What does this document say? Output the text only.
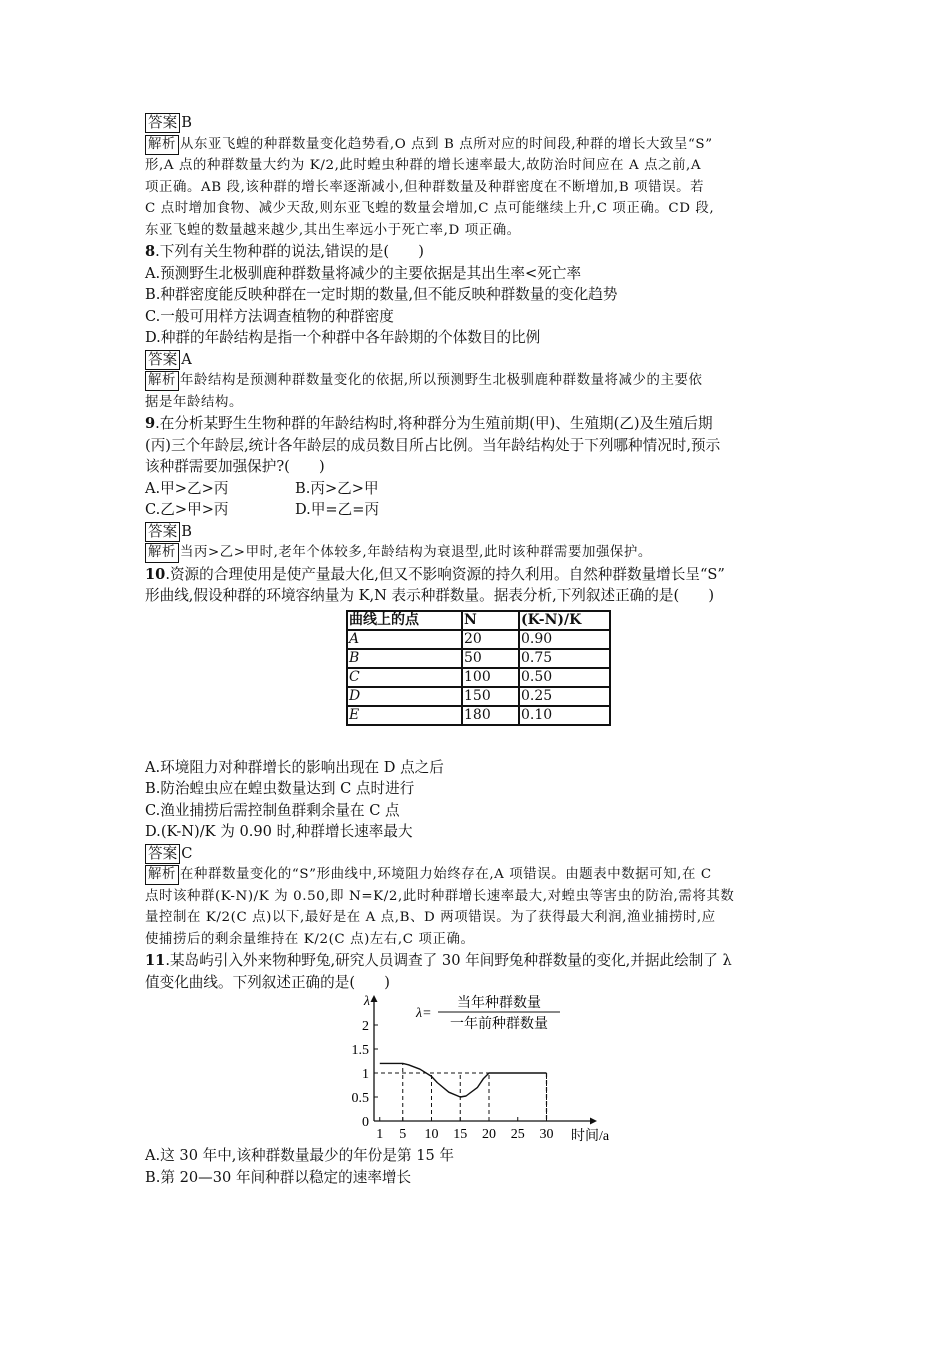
答案 B
解析 从东亚飞蝗的种群数量变化趋势看,O 点到 B 点所对应的时间段,种群的增长大致呈“S”
形,A 点的种群数量大约为 K/2,此时蝗虫种群的增长速率最大,故防治时间应在 A 点之前,A
项正确。AB 段,该种群的增长率逐渐减小,但种群数量及种群密度在不断增加,B 项错误。若
C 点时增加食物、减少天敌,则东亚飞蝗的数量会增加,C 点可能继续上升,C 项正确。CD 段,
东亚飞蝗的数量越来越少,其出生率远小于死亡率,D 项正确。
8.下列有关生物种群的说法,错误的是(　　)
A.预测野生北极驯鹿种群数量将减少的主要依据是其出生率<死亡率
B.种群密度能反映种群在一定时期的数量,但不能反映种群数量的变化趋势
C.一般可用样方法调查植物的种群密度
D.种群的年龄结构是指一个种群中各年龄期的个体数目的比例
答案 A
解析 年龄结构是预测种群数量变化的依据,所以预测野生北极驯鹿种群数量将减少的主要依
据是年龄结构。
9.在分析某野生生物种群的年龄结构时,将种群分为生殖前期(甲)、生殖期(乙)及生殖后期
(丙)三个年龄层,统计各年龄层的成员数目所占比例。当年龄结构处于下列哪种情况时,预示
该种群需要加强保护?(　　)
A.甲>乙>丙	B.丙>乙>甲
C.乙>甲>丙	D.甲=乙=丙
答案 B
解析 当丙>乙>甲时,老年个体较多,年龄结构为衰退型,此时该种群需要加强保护。
10.资源的合理使用是使产量最大化,但又不影响资源的持久利用。自然种群数量增长呈“S”
形曲线,假设种群的环境容纳量为 K,N 表示种群数量。据表分析,下列叙述正确的是(　　)
曲线上的点	N	(K-N)/K
A	20	0.90
B	50	0.75
C	100	0.50
D	150	0.25
E	180	0.10
A.环境阻力对种群增长的影响出现在 D 点之后
B.防治蝗虫应在蝗虫数量达到 C 点时进行
C.渔业捕捞后需控制鱼群剩余量在 C 点
D.(K-N)/K 为 0.90 时,种群增长速率最大
答案 C
解析 在种群数量变化的“S”形曲线中,环境阻力始终存在,A 项错误。由题表中数据可知,在 C
点时该种群(K-N)/K 为 0.50,即 N=K/2,此时种群增长速率最大,对蝗虫等害虫的防治,需将其数
量控制在 K/2(C 点)以下,最好是在 A 点,B、D 两项错误。为了获得最大利润,渔业捕捞时,应
使捕捞后的剩余量维持在 K/2(C 点)左右,C 项正确。
11.某岛屿引入外来物种野兔,研究人员调查了 30 年间野兔种群数量的变化,并据此绘制了 λ
值变化曲线。下列叙述正确的是(　　)
0
0.5
1
1.5
2
1 5 10 15 20 25 30
λ
时间/a
λ=
当年种群数量
一年前种群数量
A.这 30 年中,该种群数量最少的年份是第 15 年
B.第 20—30 年间种群以稳定的速率增长
